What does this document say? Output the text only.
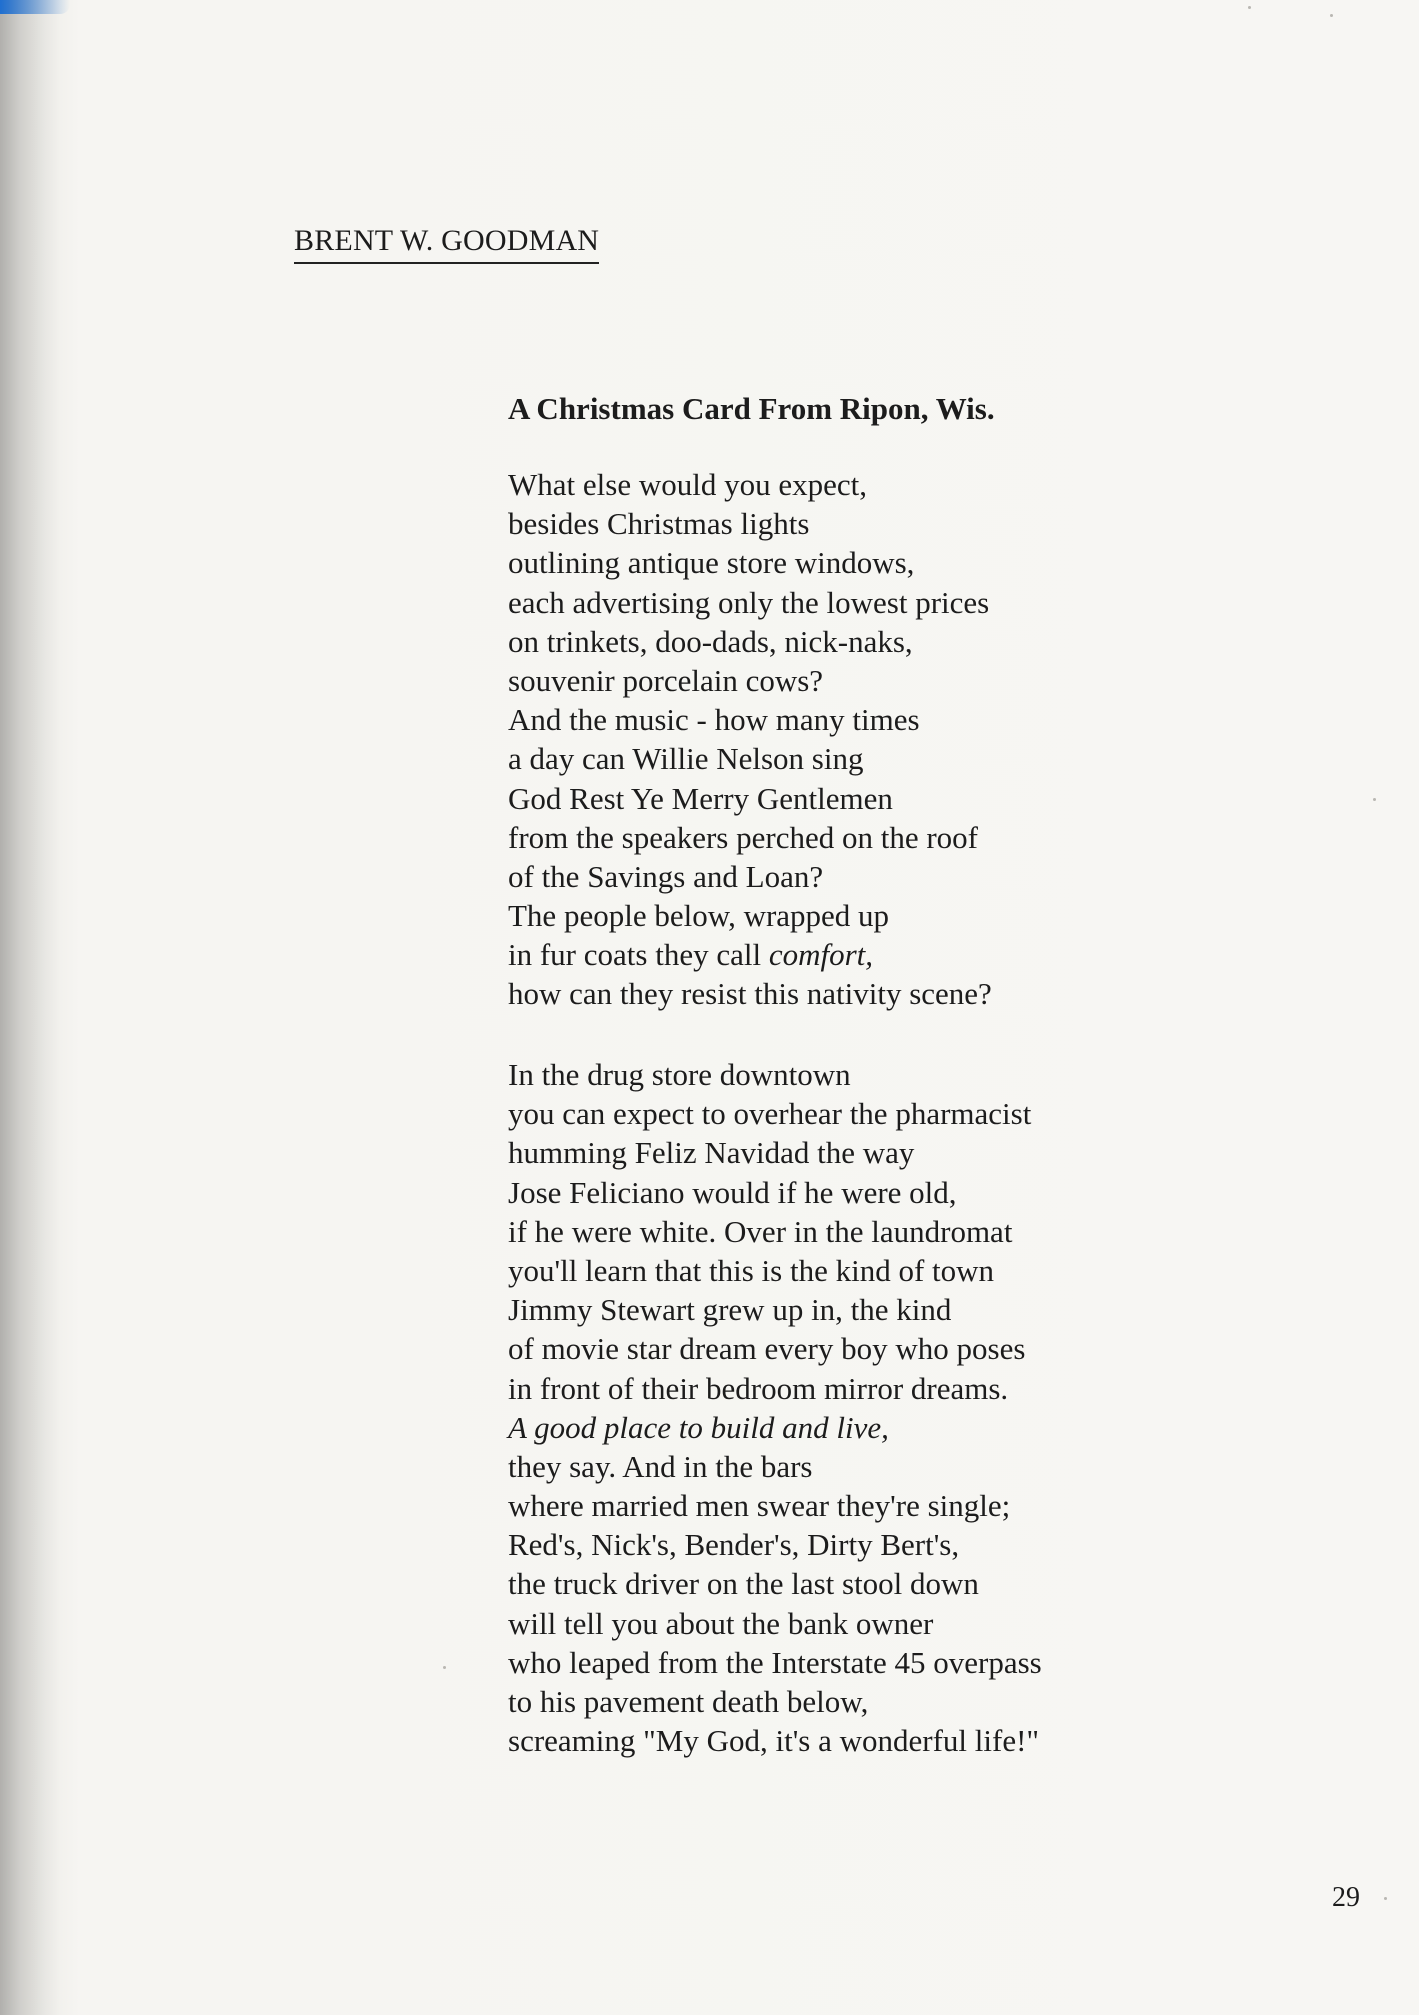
BRENT W. GOODMAN
A Christmas Card From Ripon, Wis.
What else would you expect,
besides Christmas lights
outlining antique store windows,
each advertising only the lowest prices
on trinkets, doo-dads, nick-naks,
souvenir porcelain cows?
And the music - how many times
a day can Willie Nelson sing
God Rest Ye Merry Gentlemen
from the speakers perched on the roof
of the Savings and Loan?
The people below, wrapped up
in fur coats they call comfort,
how can they resist this nativity scene?
In the drug store downtown
you can expect to overhear the pharmacist
humming Feliz Navidad the way
Jose Feliciano would if he were old,
if he were white. Over in the laundromat
you'll learn that this is the kind of town
Jimmy Stewart grew up in, the kind
of movie star dream every boy who poses
in front of their bedroom mirror dreams.
A good place to build and live,
they say. And in the bars
where married men swear they're single;
Red's, Nick's, Bender's, Dirty Bert's,
the truck driver on the last stool down
will tell you about the bank owner
who leaped from the Interstate 45 overpass
to his pavement death below,
screaming "My God, it's a wonderful life!"
29
